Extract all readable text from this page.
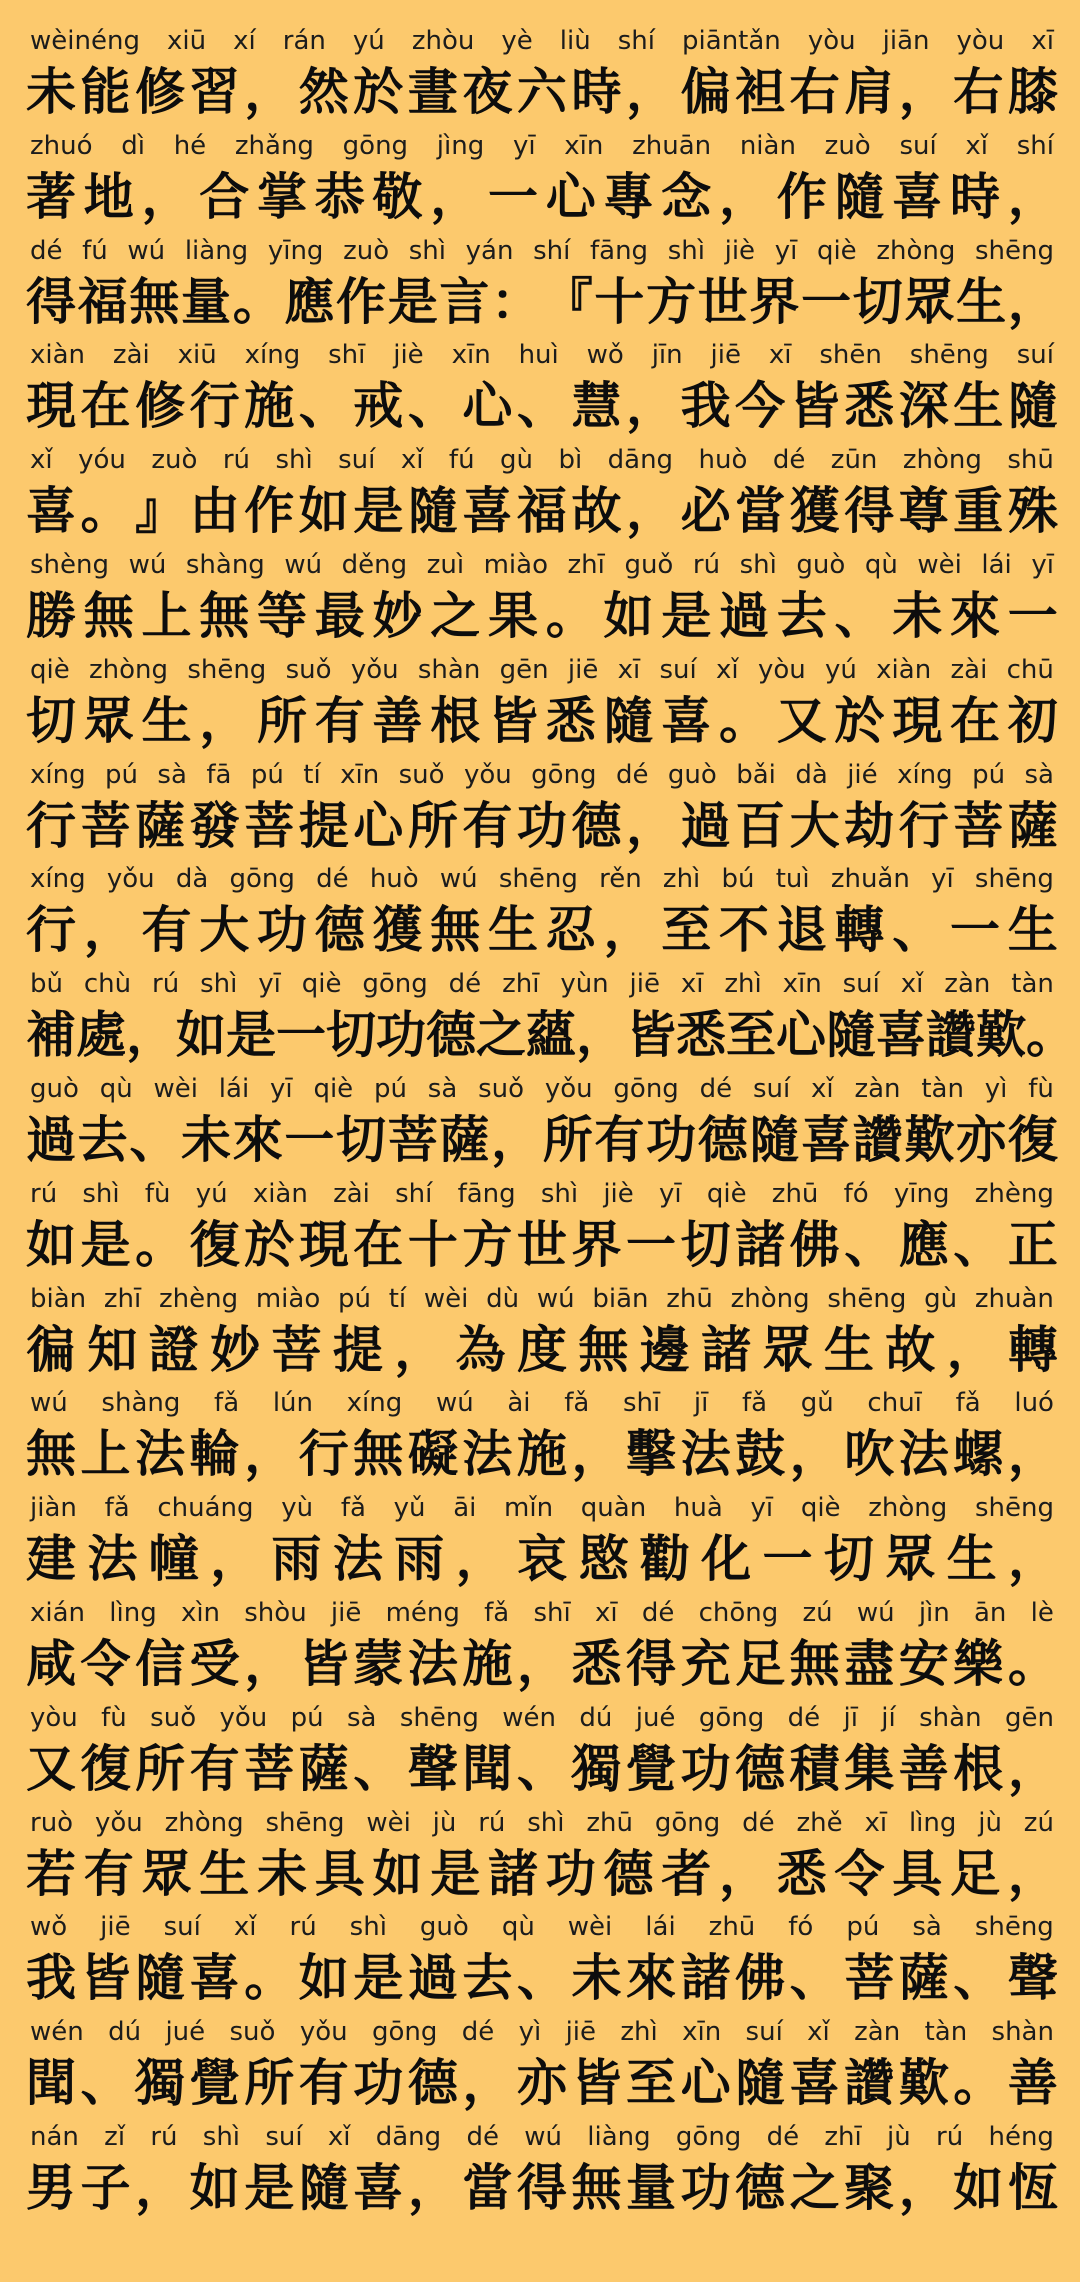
wèinéng xiū xí rán yú zhòu yè liù shí piāntǎn yòu jiān yòu xī
未 能 修 習 ， 然 於 晝 夜 六 時 ， 偏 袒 右 肩 ， 右 膝
zhuó dì hé zhǎng gōng jìng yī xīn zhuān niàn zuò suí xǐ shí
著 地 ， 合 掌 恭 敬 ， 一 心 專 念 ， 作 隨 喜 時 ，
dé fú wú liàng yīng zuò shì yán shí fāng shì jiè yī qiè zhòng shēng
得 福 無 量 。 應 作 是 言 ： 『 十 方 世 界 一 切 眾 生 ，
xiàn zài xiū xíng shī jiè xīn huì wǒ jīn jiē xī shēn shēng suí
現 在 修 行 施 、 戒 、 心 、 慧 ， 我 今 皆 悉 深 生 隨
xǐ yóu zuò rú shì suí xǐ fú gù bì dāng huò dé zūn zhòng shū
喜 。 』 由 作 如 是 隨 喜 福 故 ， 必 當 獲 得 尊 重 殊
shèng wú shàng wú děng zuì miào zhī guǒ rú shì guò qù wèi lái yī
勝 無 上 無 等 最 妙 之 果 。 如 是 過 去 、 未 來 一
qiè zhòng shēng suǒ yǒu shàn gēn jiē xī suí xǐ yòu yú xiàn zài chū
切 眾 生 ， 所 有 善 根 皆 悉 隨 喜 。 又 於 現 在 初
xíng pú sà fā pú tí xīn suǒ yǒu gōng dé guò bǎi dà jié xíng pú sà
行 菩 薩 發 菩 提 心 所 有 功 德 ， 過 百 大 劫 行 菩 薩
xíng yǒu dà gōng dé huò wú shēng rěn zhì bú tuì zhuǎn yī shēng
行 ， 有 大 功 德 獲 無 生 忍 ， 至 不 退 轉 、 一 生
bǔ chù rú shì yī qiè gōng dé zhī yùn jiē xī zhì xīn suí xǐ zàn tàn
補 處 ， 如 是 一 切 功 德 之 蘊 ， 皆 悉 至 心 隨 喜 讚 歎 。
guò qù wèi lái yī qiè pú sà suǒ yǒu gōng dé suí xǐ zàn tàn yì fù
過 去 、 未 來 一 切 菩 薩 ， 所 有 功 德 隨 喜 讚 歎 亦 復
rú shì fù yú xiàn zài shí fāng shì jiè yī qiè zhū fó yīng zhèng
如 是 。 復 於 現 在 十 方 世 界 一 切 諸 佛 、 應 、 正
biàn zhī zhèng miào pú tí wèi dù wú biān zhū zhòng shēng gù zhuàn
徧 知 證 妙 菩 提 ， 為 度 無 邊 諸 眾 生 故 ， 轉
wú shàng fǎ lún xíng wú ài fǎ shī jī fǎ gǔ chuī fǎ luó
無 上 法 輪 ， 行 無 礙 法 施 ， 擊 法 鼓 ， 吹 法 螺 ，
jiàn fǎ chuáng yù fǎ yǔ āi mǐn quàn huà yī qiè zhòng shēng
建 法 幢 ， 雨 法 雨 ， 哀 愍 勸 化 一 切 眾 生 ，
xián lìng xìn shòu jiē méng fǎ shī xī dé chōng zú wú jìn ān lè
咸 令 信 受 ， 皆 蒙 法 施 ， 悉 得 充 足 無 盡 安 樂 。
yòu fù suǒ yǒu pú sà shēng wén dú jué gōng dé jī jí shàn gēn
又 復 所 有 菩 薩 、 聲 聞 、 獨 覺 功 德 積 集 善 根 ，
ruò yǒu zhòng shēng wèi jù rú shì zhū gōng dé zhě xī lìng jù zú
若 有 眾 生 未 具 如 是 諸 功 德 者 ， 悉 令 具 足 ，
wǒ jiē suí xǐ rú shì guò qù wèi lái zhū fó pú sà shēng
我 皆 隨 喜 。 如 是 過 去 、 未 來 諸 佛 、 菩 薩 、 聲
wén dú jué suǒ yǒu gōng dé yì jiē zhì xīn suí xǐ zàn tàn shàn
聞 、 獨 覺 所 有 功 德 ， 亦 皆 至 心 隨 喜 讚 歎 。 善
nán zǐ rú shì suí xǐ dāng dé wú liàng gōng dé zhī jù rú héng
男 子 ， 如 是 隨 喜 ， 當 得 無 量 功 德 之 聚 ， 如 恆
